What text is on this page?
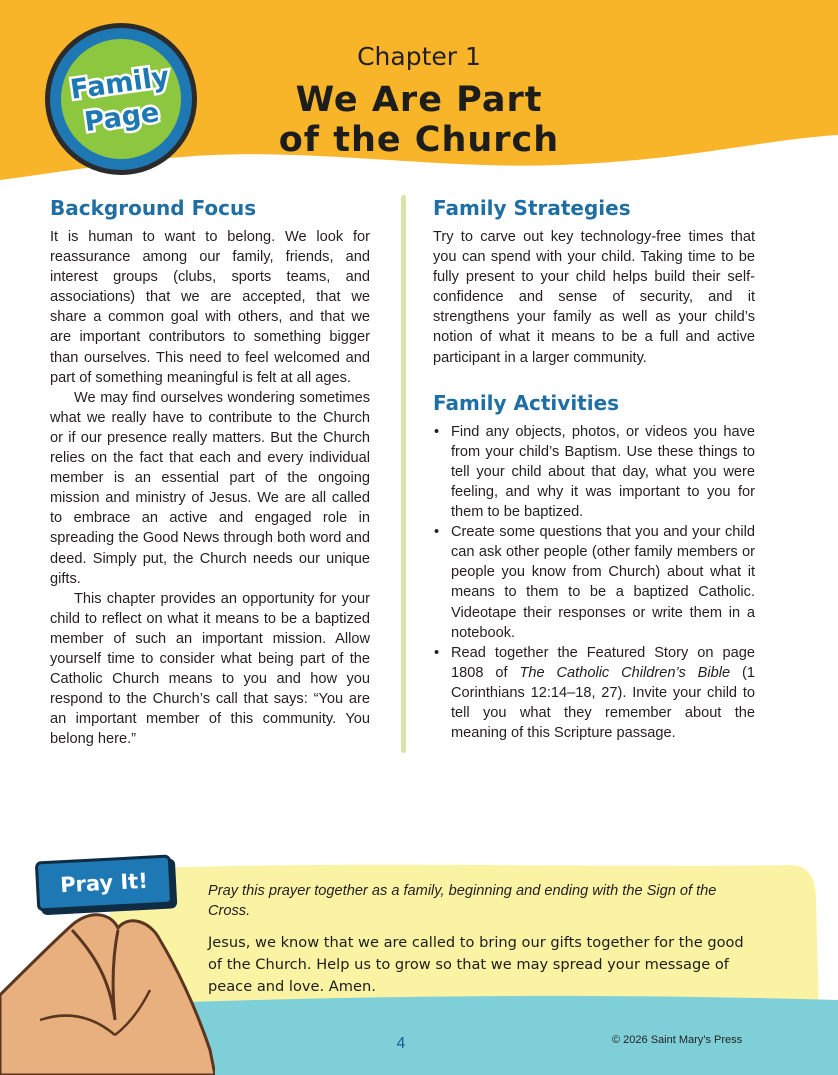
Family
Page
Chapter 1
We Are Part
of the Church
Background Focus

It is human to want to belong. We look for reassurance among our family, friends, and interest groups (clubs, sports teams, and associations) that we are accepted, that we share a common goal with others, and that we are important contributors to something bigger than ourselves. This need to feel welcomed and part of something meaningful is felt at all ages.

We may find ourselves wondering sometimes what we really have to contribute to the Church or if our presence really matters. But the Church relies on the fact that each and every individual member is an essential part of the ongoing mission and ministry of Jesus. We are all called to embrace an active and engaged role in spreading the Good News through both word and deed. Simply put, the Church needs our unique gifts.

This chapter provides an opportunity for your child to reflect on what it means to be a baptized member of such an important mission. Allow yourself time to consider what being part of the Catholic Church means to you and how you respond to the Church’s call that says: “You are an important member of this community. You belong here.”

Family Strategies

Try to carve out key technology-free times that you can spend with your child. Taking time to be fully present to your child helps build their self-confidence and sense of security, and it strengthens your family as well as your child’s notion of what it means to be a full and active participant in a larger community.

Family Activities
• Find any objects, photos, or videos you have from your child’s Baptism. Use these things to tell your child about that day, what you were feeling, and why it was important to you for them to be baptized.
• Create some questions that you and your child can ask other people (other family members or people you know from Church) about what it means to them to be a baptized Catholic. Videotape their responses or write them in a notebook.
• Read together the Featured Story on page 1808 of The Catholic Children’s Bible (1 Corinthians 12:14–18, 27). Invite your child to tell you what they remember about the meaning of this Scripture passage.
Pray It!	Pray this prayer together as a family, beginning and ending with the Sign of the Cross.
Jesus, we know that we are called to bring our gifts together for the good of the Church. Help us to grow so that we may spread your message of peace and love. Amen.
4	© 2026 Saint Mary’s Press
